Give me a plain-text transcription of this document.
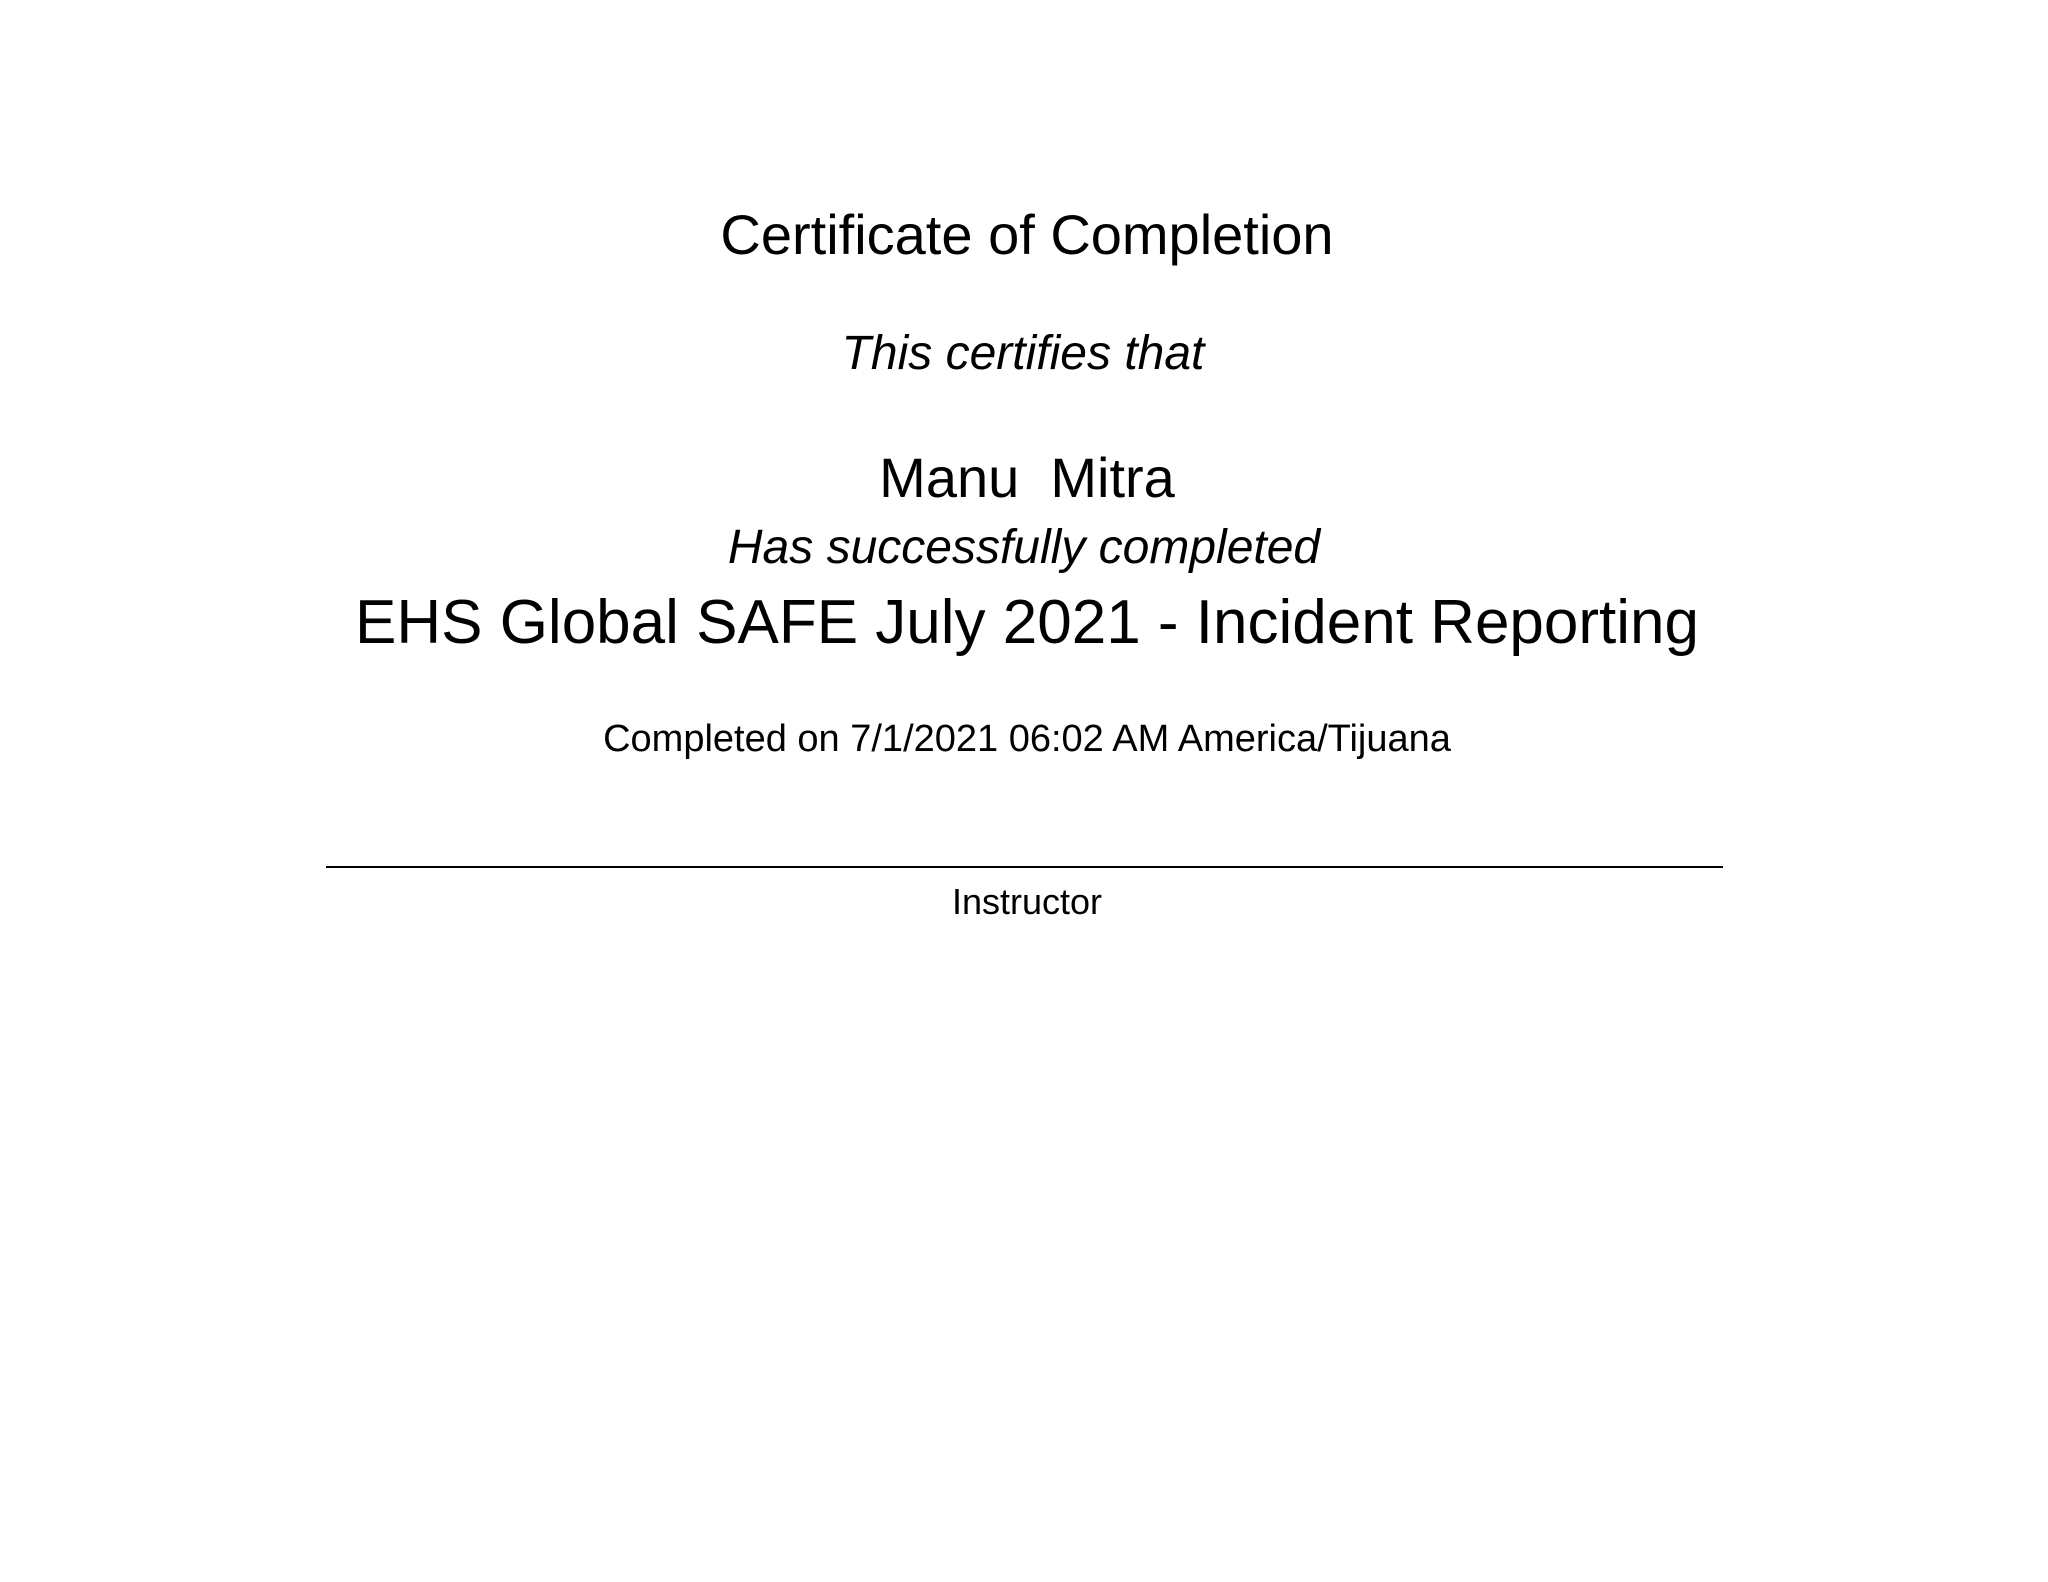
Certificate of Completion
This certifies that
Manu  Mitra
Has successfully completed
EHS Global SAFE July 2021 - Incident Reporting
Completed on 7/1/2021 06:02 AM America/Tijuana
Instructor
